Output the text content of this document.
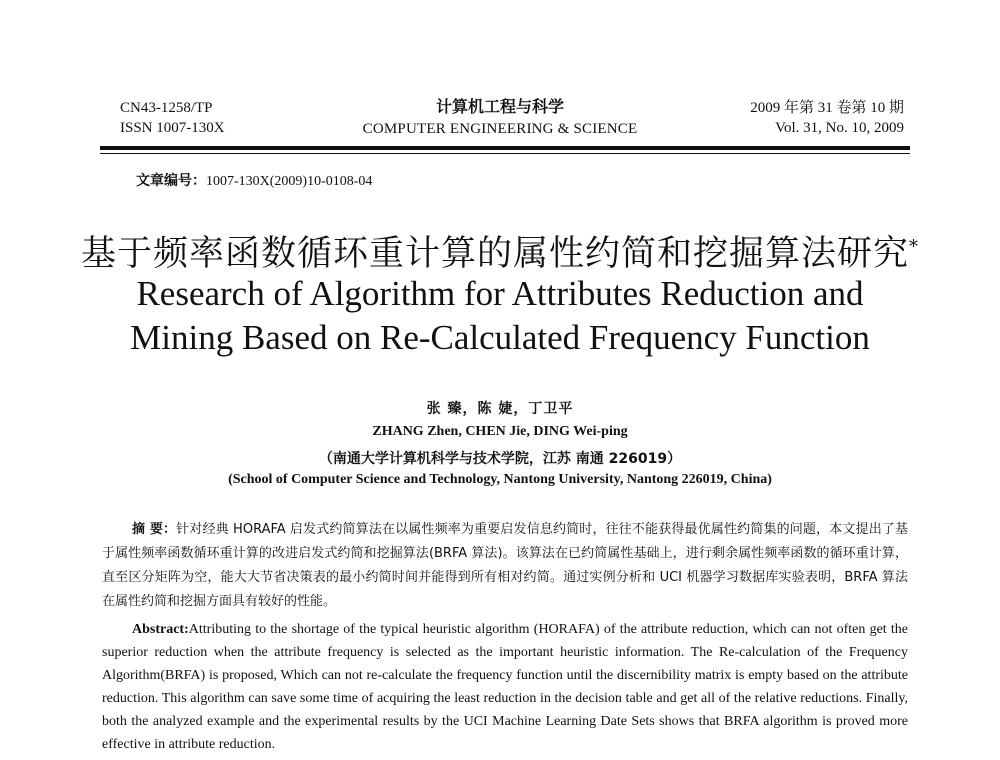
CN43-1258/TP	2009 年第 31 卷第 10 期
计算机工程与科学
ISSN 1007-130X	Vol. 31, No. 10, 2009
COMPUTER ENGINEERING & SCIENCE
文章编号：1007-130X(2009)10-0108-04
基于频率函数循环重计算的属性约简和挖掘算法研究*
Research of Algorithm for Attributes Reduction and
Mining Based on Re-Calculated Frequency Function
张 臻，陈 婕，丁卫平
ZHANG Zhen, CHEN Jie, DING Wei-ping
（南通大学计算机科学与技术学院，江苏 南通 226019）
(School of Computer Science and Technology, Nantong University, Nantong 226019, China)

摘 要：针对经典 HORAFA 启发式约简算法在以属性频率为重要启发信息约简时，往往不能获得最优属性约简集的问题，本文提出了基于属性频率函数循环重计算的改进启发式约简和挖掘算法(BRFA 算法)。该算法在已约简属性基础上，进行剩余属性频率函数的循环重计算，直至区分矩阵为空，能大大节省决策表的最小约简时间并能得到所有相对约简。通过实例分析和 UCI 机器学习数据库实验表明，BRFA 算法在属性约简和挖掘方面具有较好的性能。

Abstract:Attributing to the shortage of the typical heuristic algorithm (HORAFA) of the attribute reduction, which can not often get the superior reduction when the attribute frequency is selected as the important heuristic information. The Re-calculation of the Frequency Algorithm(BRFA) is proposed, Which can not re-calculate the frequency function until the discernibility matrix is empty based on the attribute reduction. This algorithm can save some time of acquiring the least reduction in the decision table and get all of the relative reductions. Finally, both the analyzed example and the experimental results by the UCI Machine Learning Date Sets shows that BRFA algorithm is proved more effective in attribute reduction.
